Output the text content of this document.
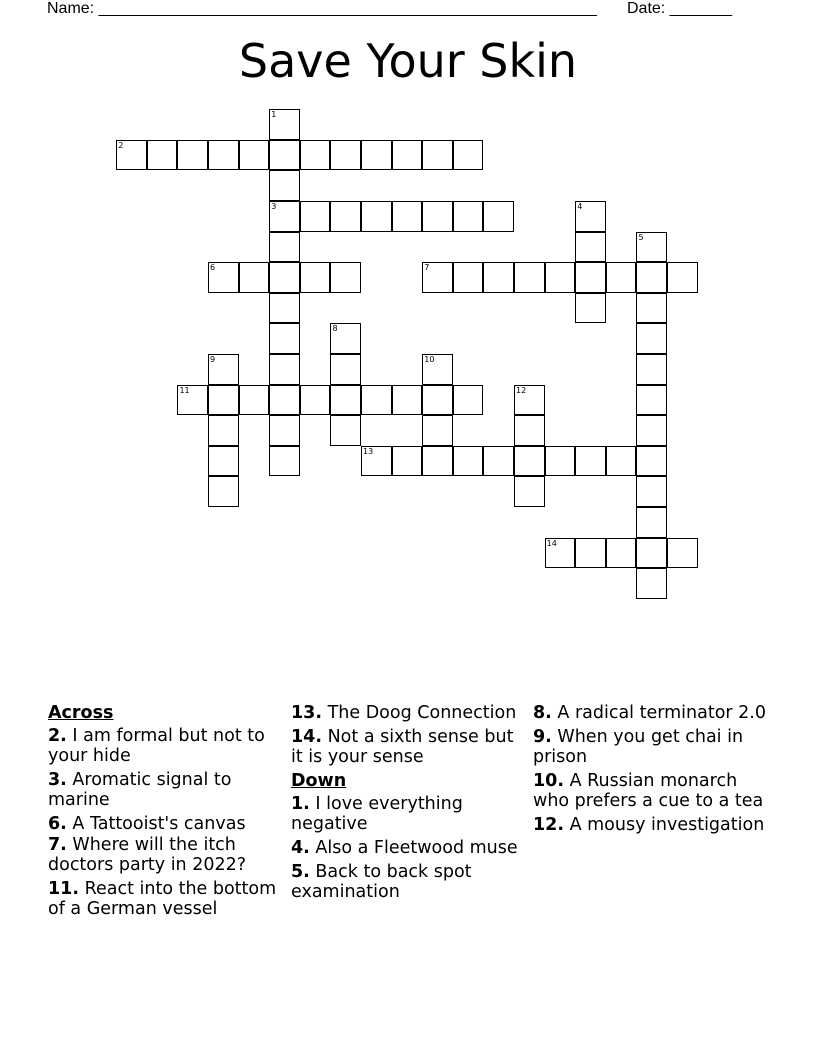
Name: ________________________________________________________ Date: _______
Save Your Skin
2
3
6	7
11
13
14
1
4
5
8
9	10
12
Across
2. I am formal but not to your hide
3. Aromatic signal to marine
6. A Tattooist's canvas
7. Where will the itch doctors party in 2022?
11. React into the bottom of a German vessel
13. The Doog Connection
14. Not a sixth sense but it is your sense
Down
1. I love everything negative
4. Also a Fleetwood muse
5. Back to back spot examination
8. A radical terminator 2.0
9. When you get chai in prison
10. A Russian monarch who prefers a cue to a tea
12. A mousy investigation
